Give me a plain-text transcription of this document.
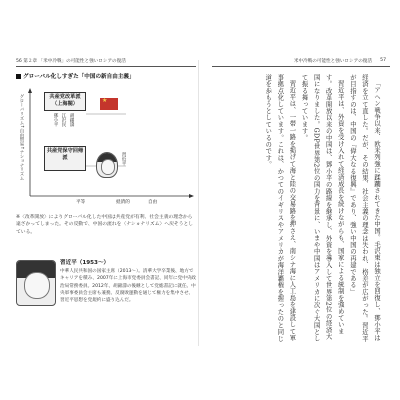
56 第２章 「米中冷戦」の可能性と強いロシアの復活
グローバル化しすぎた「中国の新自由主義」
グローバリズム↑自由貿易↑ナショナリズム	共産党改革派（上海閥）
鄧小平 江沢民 胡錦濤
★
共産党保守回帰派	習近平
平等	経済的	自由
※〈改革開放〉によりグローバル化した中国は共産党が有利、社会主義の理念から遠ざかってしまった。その反動で、中国の流れを〈ナショナリズム〉へ戻そうとしている。
習近平（1953～）
中華人民共和国の国家主席（2013～）。清華大学卒業後、地方でキャリアを積み、2007年に上海市党委員会書記、同年に党中央政治局常務委員。2012年、胡錦濤の後継として党総書記に就任。中央軍事委員会主席も兼務。反腐敗運動を通じて権力を集中させ、習近平思想を党規約に盛り込んだ。
米中冷戦の可能性と強いロシアの復活 57

「アヘン戦争以来、欧米列強に蹂躙されてきた中国。毛沢東は独立を回復し、鄧小平は経済を立て直した。だが、その結果、社会主義の理念は失われ、格差が広がった。習近平が目指すのは、中国の『偉大なる復興』であり、強い中国の再建である」

習近平は、外資を受け入れて経済成長を続けながらも、国家による統制を強めています。改革開放以来の中国は、鄧小平の路線を継承し、外資を導入して世界第2位の経済大国になりました。GDP世界第2位の国力を背景に、いまや中国はアメリカに次ぐ大国として振る舞っています。

習近平は、一帯一路を掲げて海と陸の交易路を押さえ、南シナ海に人工島を建設して軍事拠点化しています。これは、かつてのイギリスやアメリカが海洋覇権を握ったのと同じ道を歩もうとしているのです。
